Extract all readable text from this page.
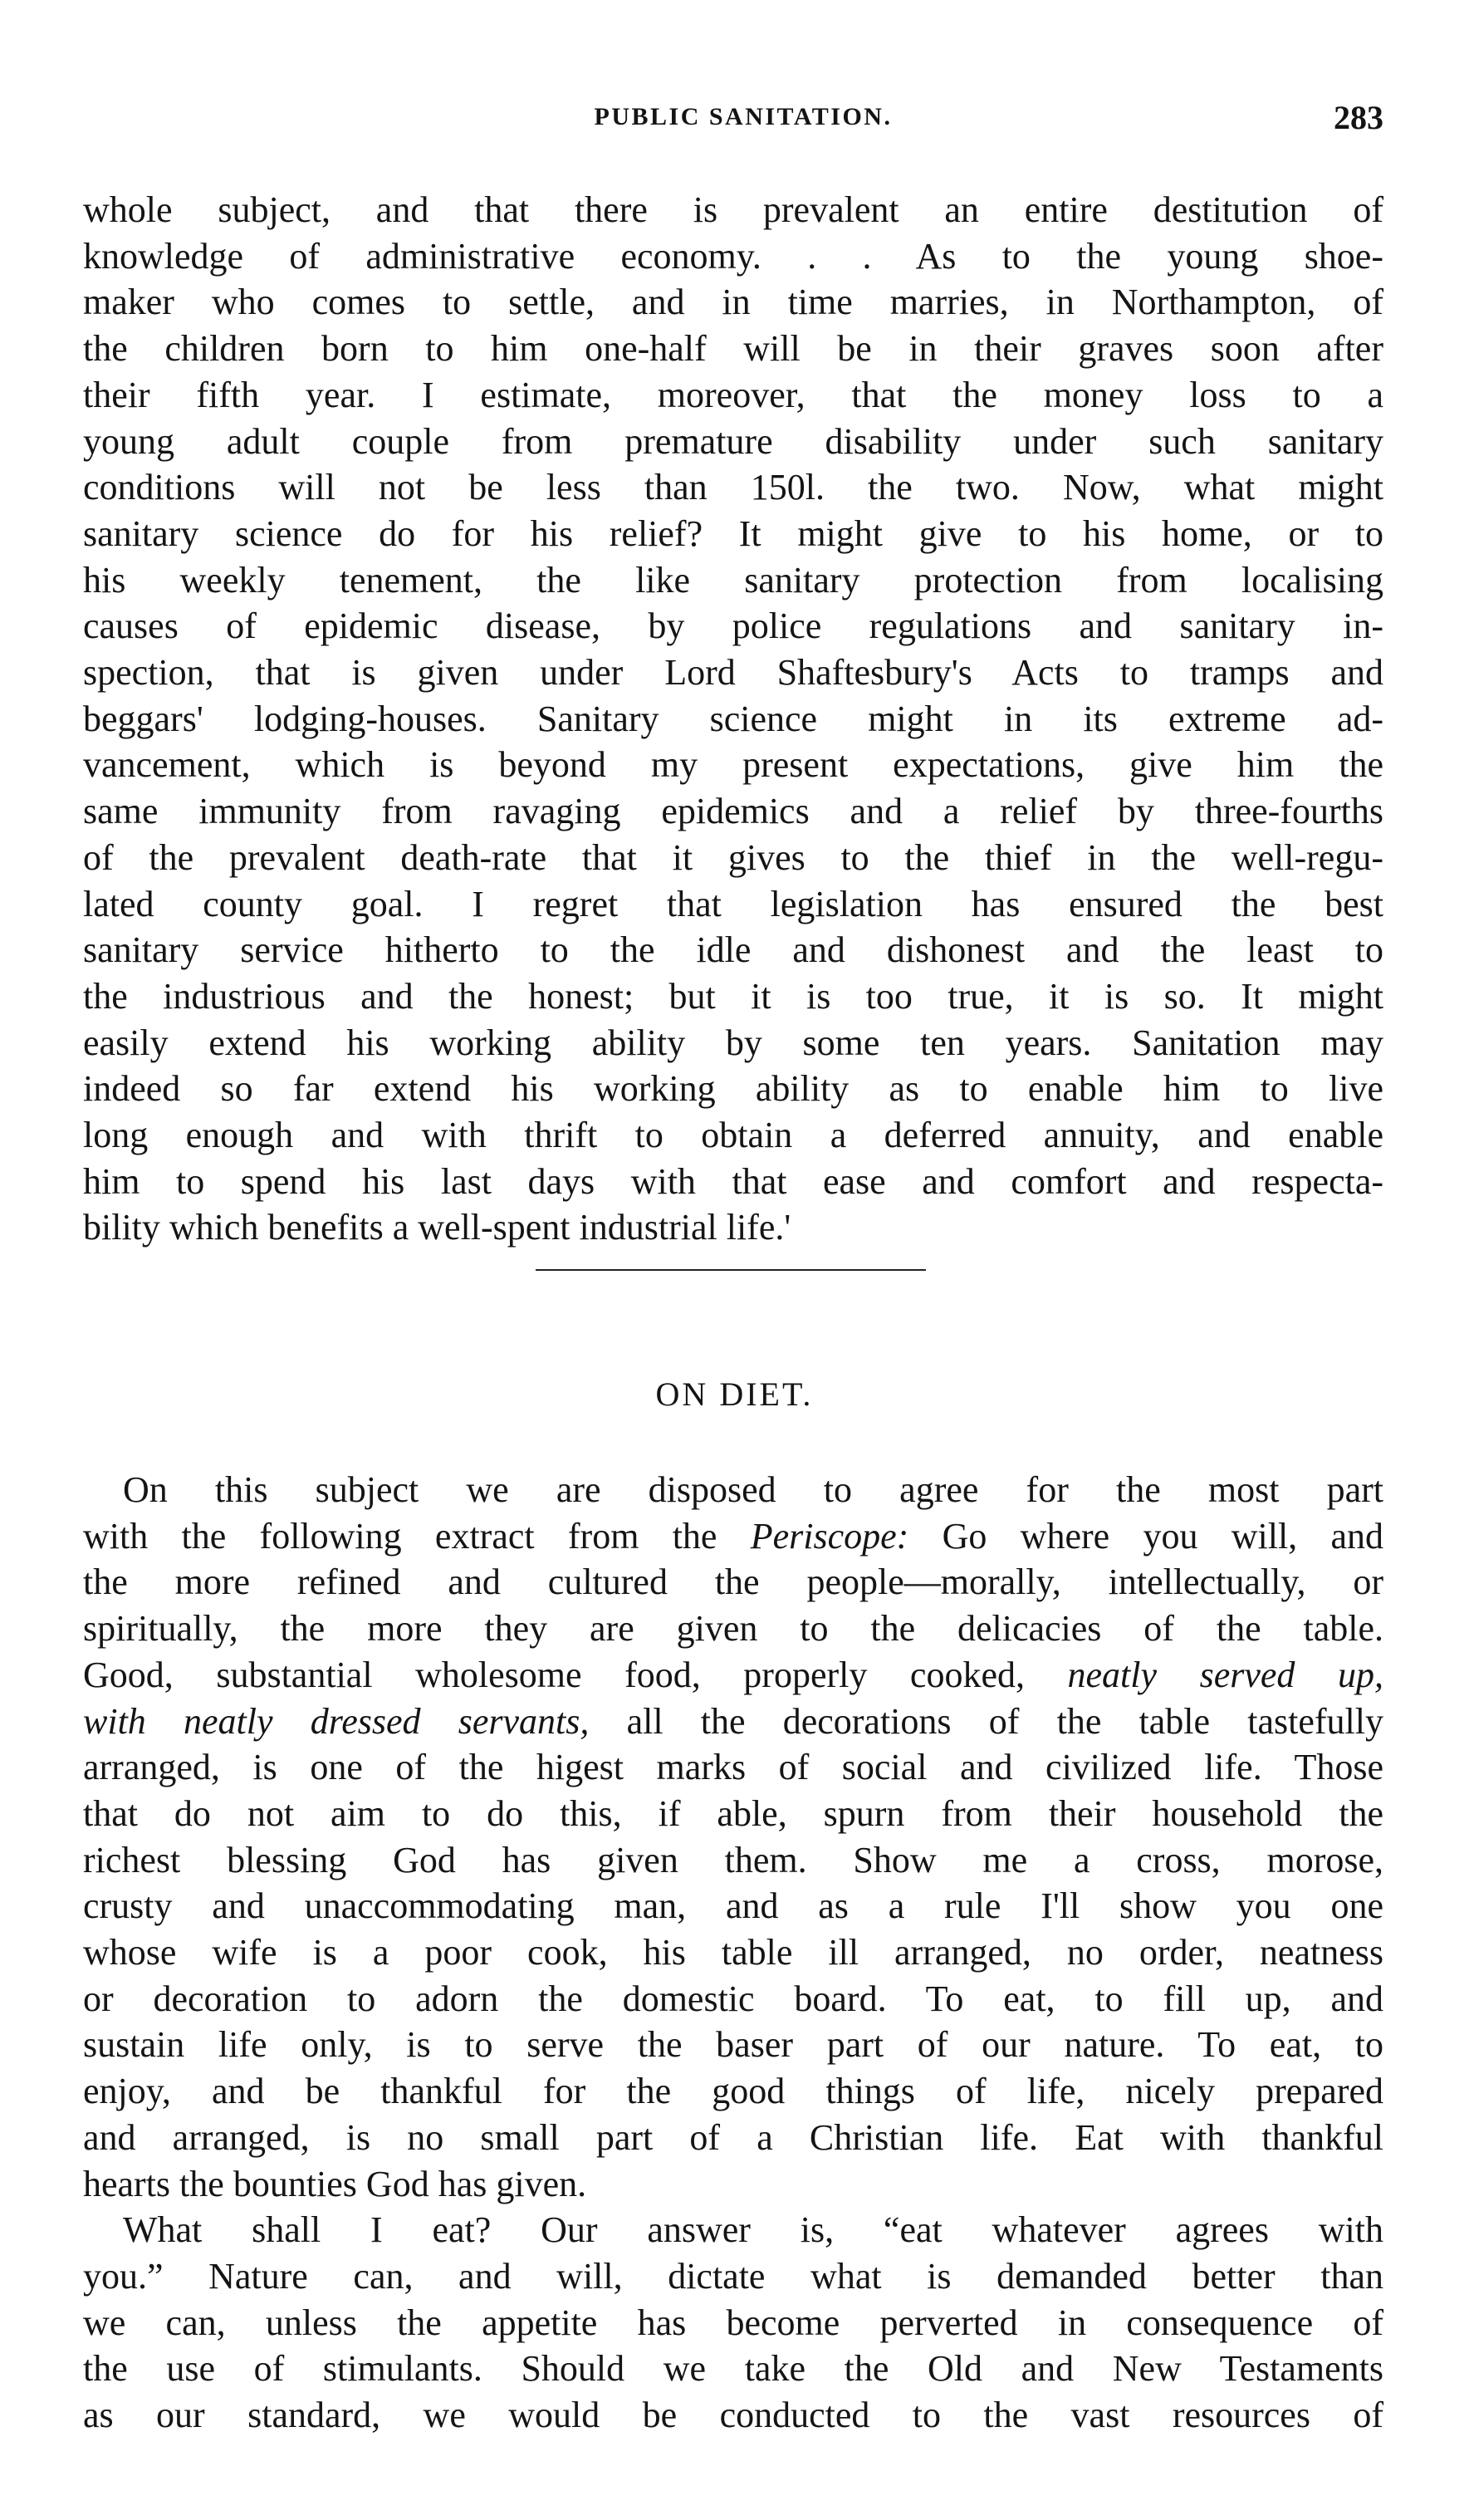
PUBLIC SANITATION.	283
whole subject, and that there is prevalent an entire destitution of
knowledge of administrative economy. . . As to the young shoe-
maker who comes to settle, and in time marries, in Northampton, of
the children born to him one-half will be in their graves soon after
their fifth year. I estimate, moreover, that the money loss to a
young adult couple from premature disability under such sanitary
conditions will not be less than 150l. the two. Now, what might
sanitary science do for his relief? It might give to his home, or to
his weekly tenement, the like sanitary protection from localising
causes of epidemic disease, by police regulations and sanitary in-
spection, that is given under Lord Shaftesbury's Acts to tramps and
beggars' lodging-houses. Sanitary science might in its extreme ad-
vancement, which is beyond my present expectations, give him the
same immunity from ravaging epidemics and a relief by three-fourths
of the prevalent death-rate that it gives to the thief in the well-regu-
lated county goal. I regret that legislation has ensured the best
sanitary service hitherto to the idle and dishonest and the least to
the industrious and the honest; but it is too true, it is so. It might
easily extend his working ability by some ten years. Sanitation may
indeed so far extend his working ability as to enable him to live
long enough and with thrift to obtain a deferred annuity, and enable
him to spend his last days with that ease and comfort and respecta-
bility which benefits a well-spent industrial life.'
ON DIET.
On this subject we are disposed to agree for the most part
with the following extract from the Periscope: Go where you will, and
the more refined and cultured the people—morally, intellectually, or
spiritually, the more they are given to the delicacies of the table.
Good, substantial wholesome food, properly cooked, neatly served up,
with neatly dressed servants, all the decorations of the table tastefully
arranged, is one of the higest marks of social and civilized life. Those
that do not aim to do this, if able, spurn from their household the
richest blessing God has given them. Show me a cross, morose,
crusty and unaccommodating man, and as a rule I'll show you one
whose wife is a poor cook, his table ill arranged, no order, neatness
or decoration to adorn the domestic board. To eat, to fill up, and
sustain life only, is to serve the baser part of our nature. To eat, to
enjoy, and be thankful for the good things of life, nicely prepared
and arranged, is no small part of a Christian life. Eat with thankful
hearts the bounties God has given.
What shall I eat? Our answer is, “eat whatever agrees with
you.” Nature can, and will, dictate what is demanded better than
we can, unless the appetite has become perverted in consequence of
the use of stimulants. Should we take the Old and New Testaments
as our standard, we would be conducted to the vast resources of
